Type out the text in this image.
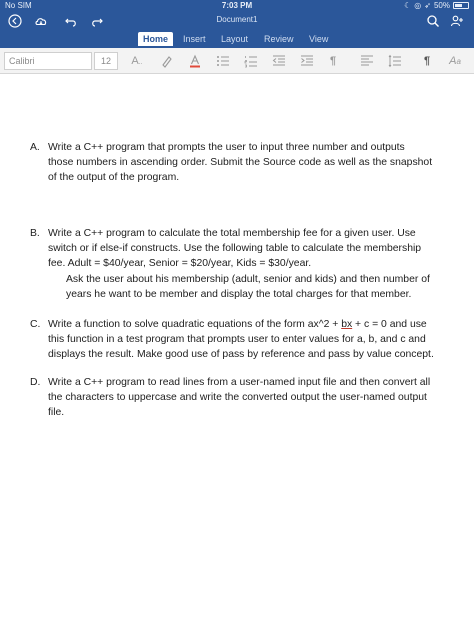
No SIM	7:03 PM	☾ ◎ ➶ 50%
Document1
Home	Insert	Layout	Review	View
Calibri	12	A..	¶	¶ Aa
A. Write a C++ program that prompts the user to input three number and outputs
those numbers in ascending order. Submit the Source code as well as the snapshot
of the output of the program.
B. Write a C++ program to calculate the total membership fee for a given user. Use
switch or if else-if constructs. Use the following table to calculate the membership
fee. Adult = $40/year, Senior = $20/year, Kids = $30/year.
Ask the user about his membership (adult, senior and kids) and then number of
years he want to be member and display the total charges for that member.
C. Write a function to solve quadratic equations of the form ax^2 + bx + c = 0 and use
this function in a test program that prompts user to enter values for a, b, and c and
displays the result. Make good use of pass by reference and pass by value concept.
D. Write a C++ program to read lines from a user-named input file and then convert all
the characters to uppercase and write the converted output the user-named output
file.
